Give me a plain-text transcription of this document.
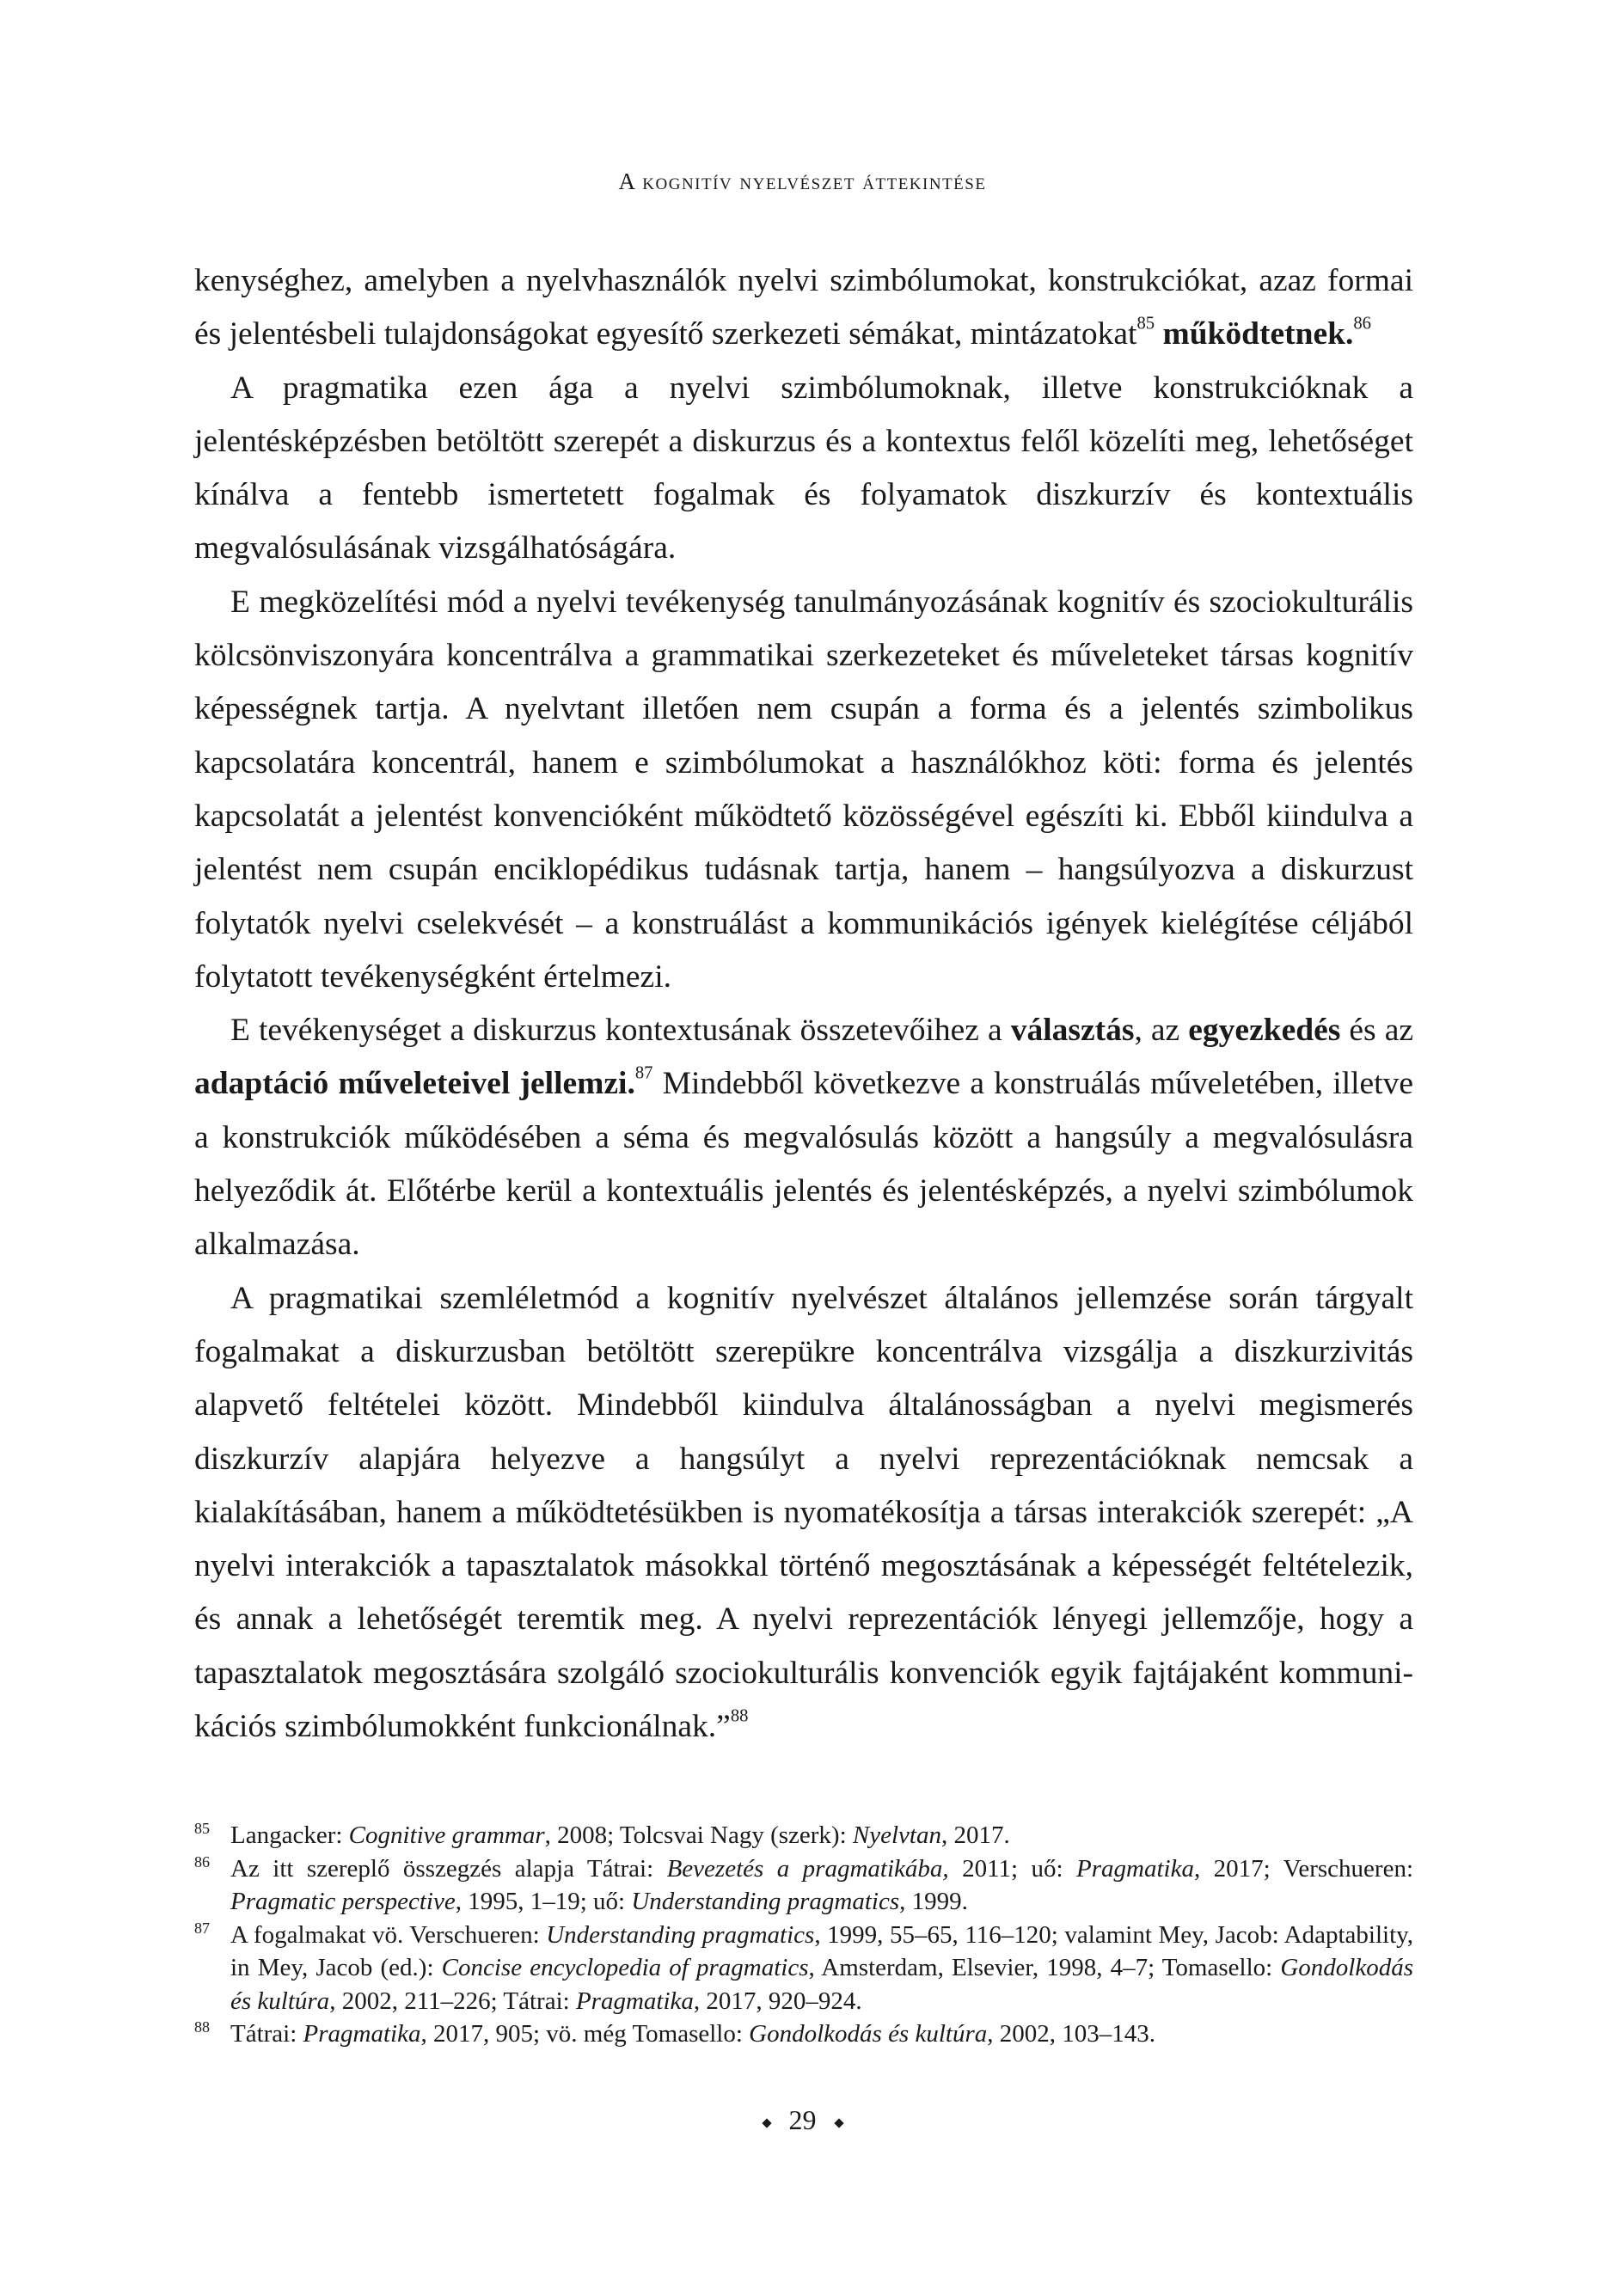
A kognitív nyelvészet áttekintése

kenységhez, amelyben a nyelvhasználók nyelvi szimbólumokat, konstrukciókat, azaz formai és jelentésbeli tulajdonságokat egyesítő szerkezeti sémákat, mintázatokat$^{85}$ működtetnek.$^{86}$

A pragmatika ezen ága a nyelvi szimbólumoknak, illetve konstrukcióknak a jelentésképzésben betöltött szerepét a diskurzus és a kontextus felől közelíti meg, lehetőséget kínálva a fentebb ismertetett fogalmak és folyamatok diszkurzív és kontextuális megvalósulásának vizsgálhatóságára.

E megközelítési mód a nyelvi tevékenység tanulmányozásának kognitív és szociokulturális kölcsönviszonyára koncentrálva a grammatikai szerkezeteket és műveleteket társas kognitív képességnek tartja. A nyelvtant illetően nem csupán a forma és a jelentés szimbolikus kapcsolatára koncentrál, hanem e szimbólumokat a használókhoz köti: forma és jelentés kapcsolatát a jelentést konvencióként működtető közösségével egészíti ki. Ebből kiindulva a jelentést nem csupán enciklopédikus tudásnak tartja, hanem – hangsúlyozva a diskurzust folytatók nyelvi cselekvését – a konstruálást a kommunikációs igények kielégítése céljából folytatott tevékenységként értelmezi.

E tevékenységet a diskurzus kontextusának összetevőihez a választás, az egyezkedés és az adaptáció műveleteivel jellemzi.$^{87}$ Mindebből következve a konstruálás műveletében, illetve a konstrukciók működésében a séma és megvalósulás között a hangsúly a megvalósulásra helyeződik át. Előtérbe kerül a kontextuális jelentés és jelentésképzés, a nyelvi szimbólumok alkalmazása.

A pragmatikai szemléletmód a kognitív nyelvészet általános jellemzése során tárgyalt fogalmakat a diskurzusban betöltött szerepükre koncentrálva vizsgálja a diszkurzivitás alapvető feltételei között. Mindebből kiindulva általánosságban a nyelvi megismerés diszkurzív alapjára helyezve a hangsúlyt a nyelvi reprezentációknak nemcsak a kialakításában, hanem a működtetésükben is nyomatékosítja a társas interakciók szerepét: „A nyelvi interakciók a tapasztalatok másokkal történő megosztásának a képességét feltételezik, és annak a lehetőségét teremtik meg. A nyelvi reprezentációk lényegi jellemzője, hogy a tapasztalatok megosztására szolgáló szociokulturális konvenciók egyik fajtájaként kommunikációs szimbólumokként funkcionálnak.”$^{88}$

85 Langacker: Cognitive grammar, 2008; Tolcsvai Nagy (szerk): Nyelvtan, 2017.
86 Az itt szereplő összegzés alapja Tátrai: Bevezetés a pragmatikába, 2011; uő: Pragmatika, 2017; Verschueren: Pragmatic perspective, 1995, 1–19; uő: Understanding pragmatics, 1999.
87 A fogalmakat vö. Verschueren: Understanding pragmatics, 1999, 55–65, 116–120; valamint Mey, Jacob: Adaptability, in Mey, Jacob (ed.): Concise encyclopedia of pragmatics, Amsterdam, Elsevier, 1998, 4–7; Tomasello: Gondolkodás és kultúra, 2002, 211–226; Tátrai: Pragmatika, 2017, 920–924.
88 Tátrai: Pragmatika, 2017, 905; vö. még Tomasello: Gondolkodás és kultúra, 2002, 103–143.
29
